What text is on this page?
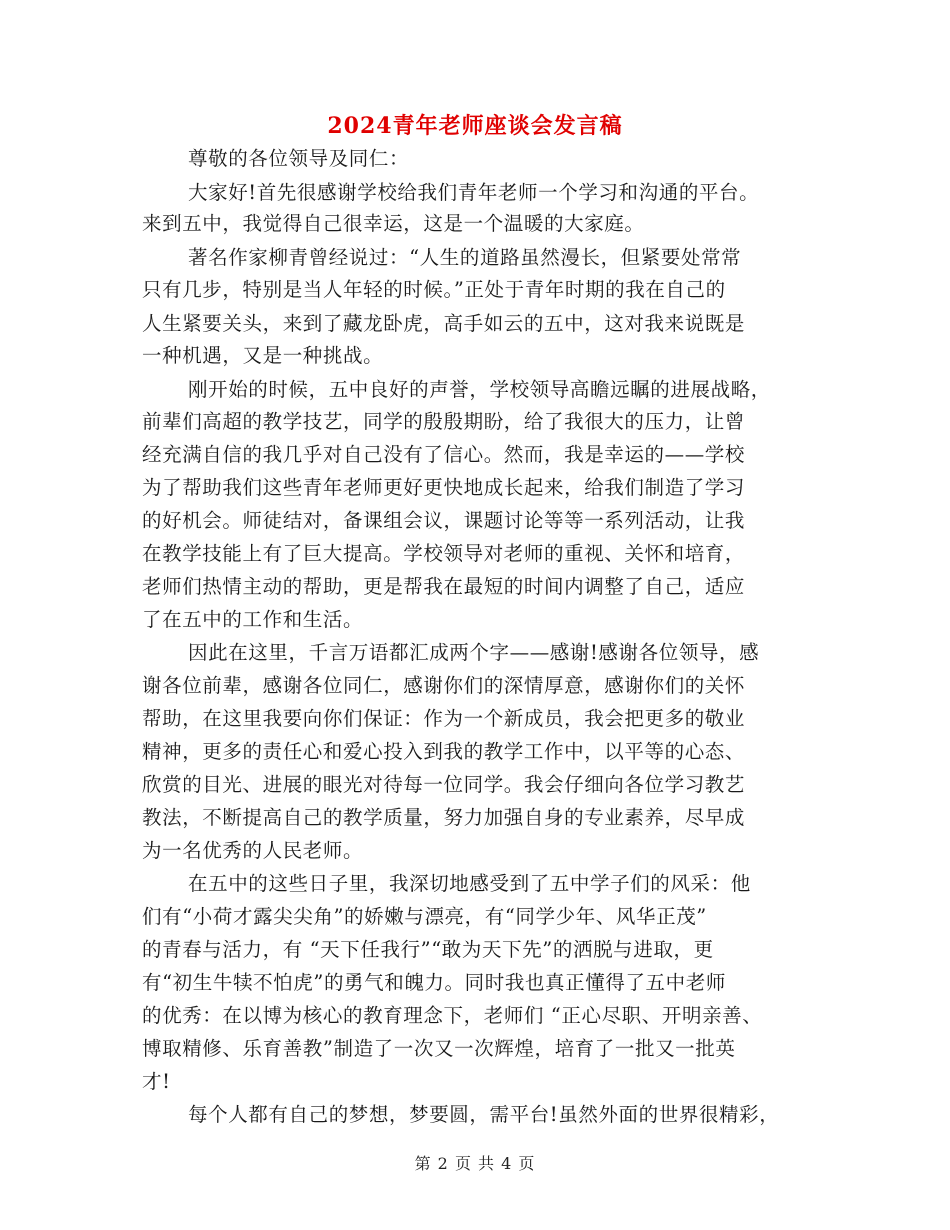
2024青年老师座谈会发言稿
尊敬的各位领导及同仁：
大家好!首先很感谢学校给我们青年老师一个学习和沟通的平台。
来到五中，我觉得自己很幸运，这是一个温暖的大家庭。
著名作家柳青曾经说过：“人生的道路虽然漫长，但紧要处常常
只有几步，特别是当人年轻的时候。”正处于青年时期的我在自己的
人生紧要关头，来到了藏龙卧虎，高手如云的五中，这对我来说既是
一种机遇，又是一种挑战。
刚开始的时候，五中良好的声誉，学校领导高瞻远瞩的进展战略，
前辈们高超的教学技艺，同学的殷殷期盼，给了我很大的压力，让曾
经充满自信的我几乎对自己没有了信心。然而，我是幸运的——学校
为了帮助我们这些青年老师更好更快地成长起来，给我们制造了学习
的好机会。师徒结对，备课组会议，课题讨论等等一系列活动，让我
在教学技能上有了巨大提高。学校领导对老师的重视、关怀和培育，
老师们热情主动的帮助，更是帮我在最短的时间内调整了自己，适应
了在五中的工作和生活。
因此在这里，千言万语都汇成两个字——感谢!感谢各位领导，感
谢各位前辈，感谢各位同仁，感谢你们的深情厚意，感谢你们的关怀
帮助，在这里我要向你们保证：作为一个新成员，我会把更多的敬业
精神，更多的责任心和爱心投入到我的教学工作中，以平等的心态、
欣赏的目光、进展的眼光对待每一位同学。我会仔细向各位学习教艺
教法，不断提高自己的教学质量，努力加强自身的专业素养，尽早成
为一名优秀的人民老师。
在五中的这些日子里，我深切地感受到了五中学子们的风采：他
们有“小荷才露尖尖角”的娇嫩与漂亮，有“同学少年、风华正茂”
的青春与活力，有 “天下任我行”“敢为天下先”的洒脱与进取，更
有“初生牛犊不怕虎”的勇气和魄力。同时我也真正懂得了五中老师
的优秀：在以博为核心的教育理念下，老师们 “正心尽职、开明亲善、
博取精修、乐育善教”制造了一次又一次辉煌，培育了一批又一批英
才!
每个人都有自己的梦想，梦要圆，需平台!虽然外面的世界很精彩，
第 2 页 共 4 页
